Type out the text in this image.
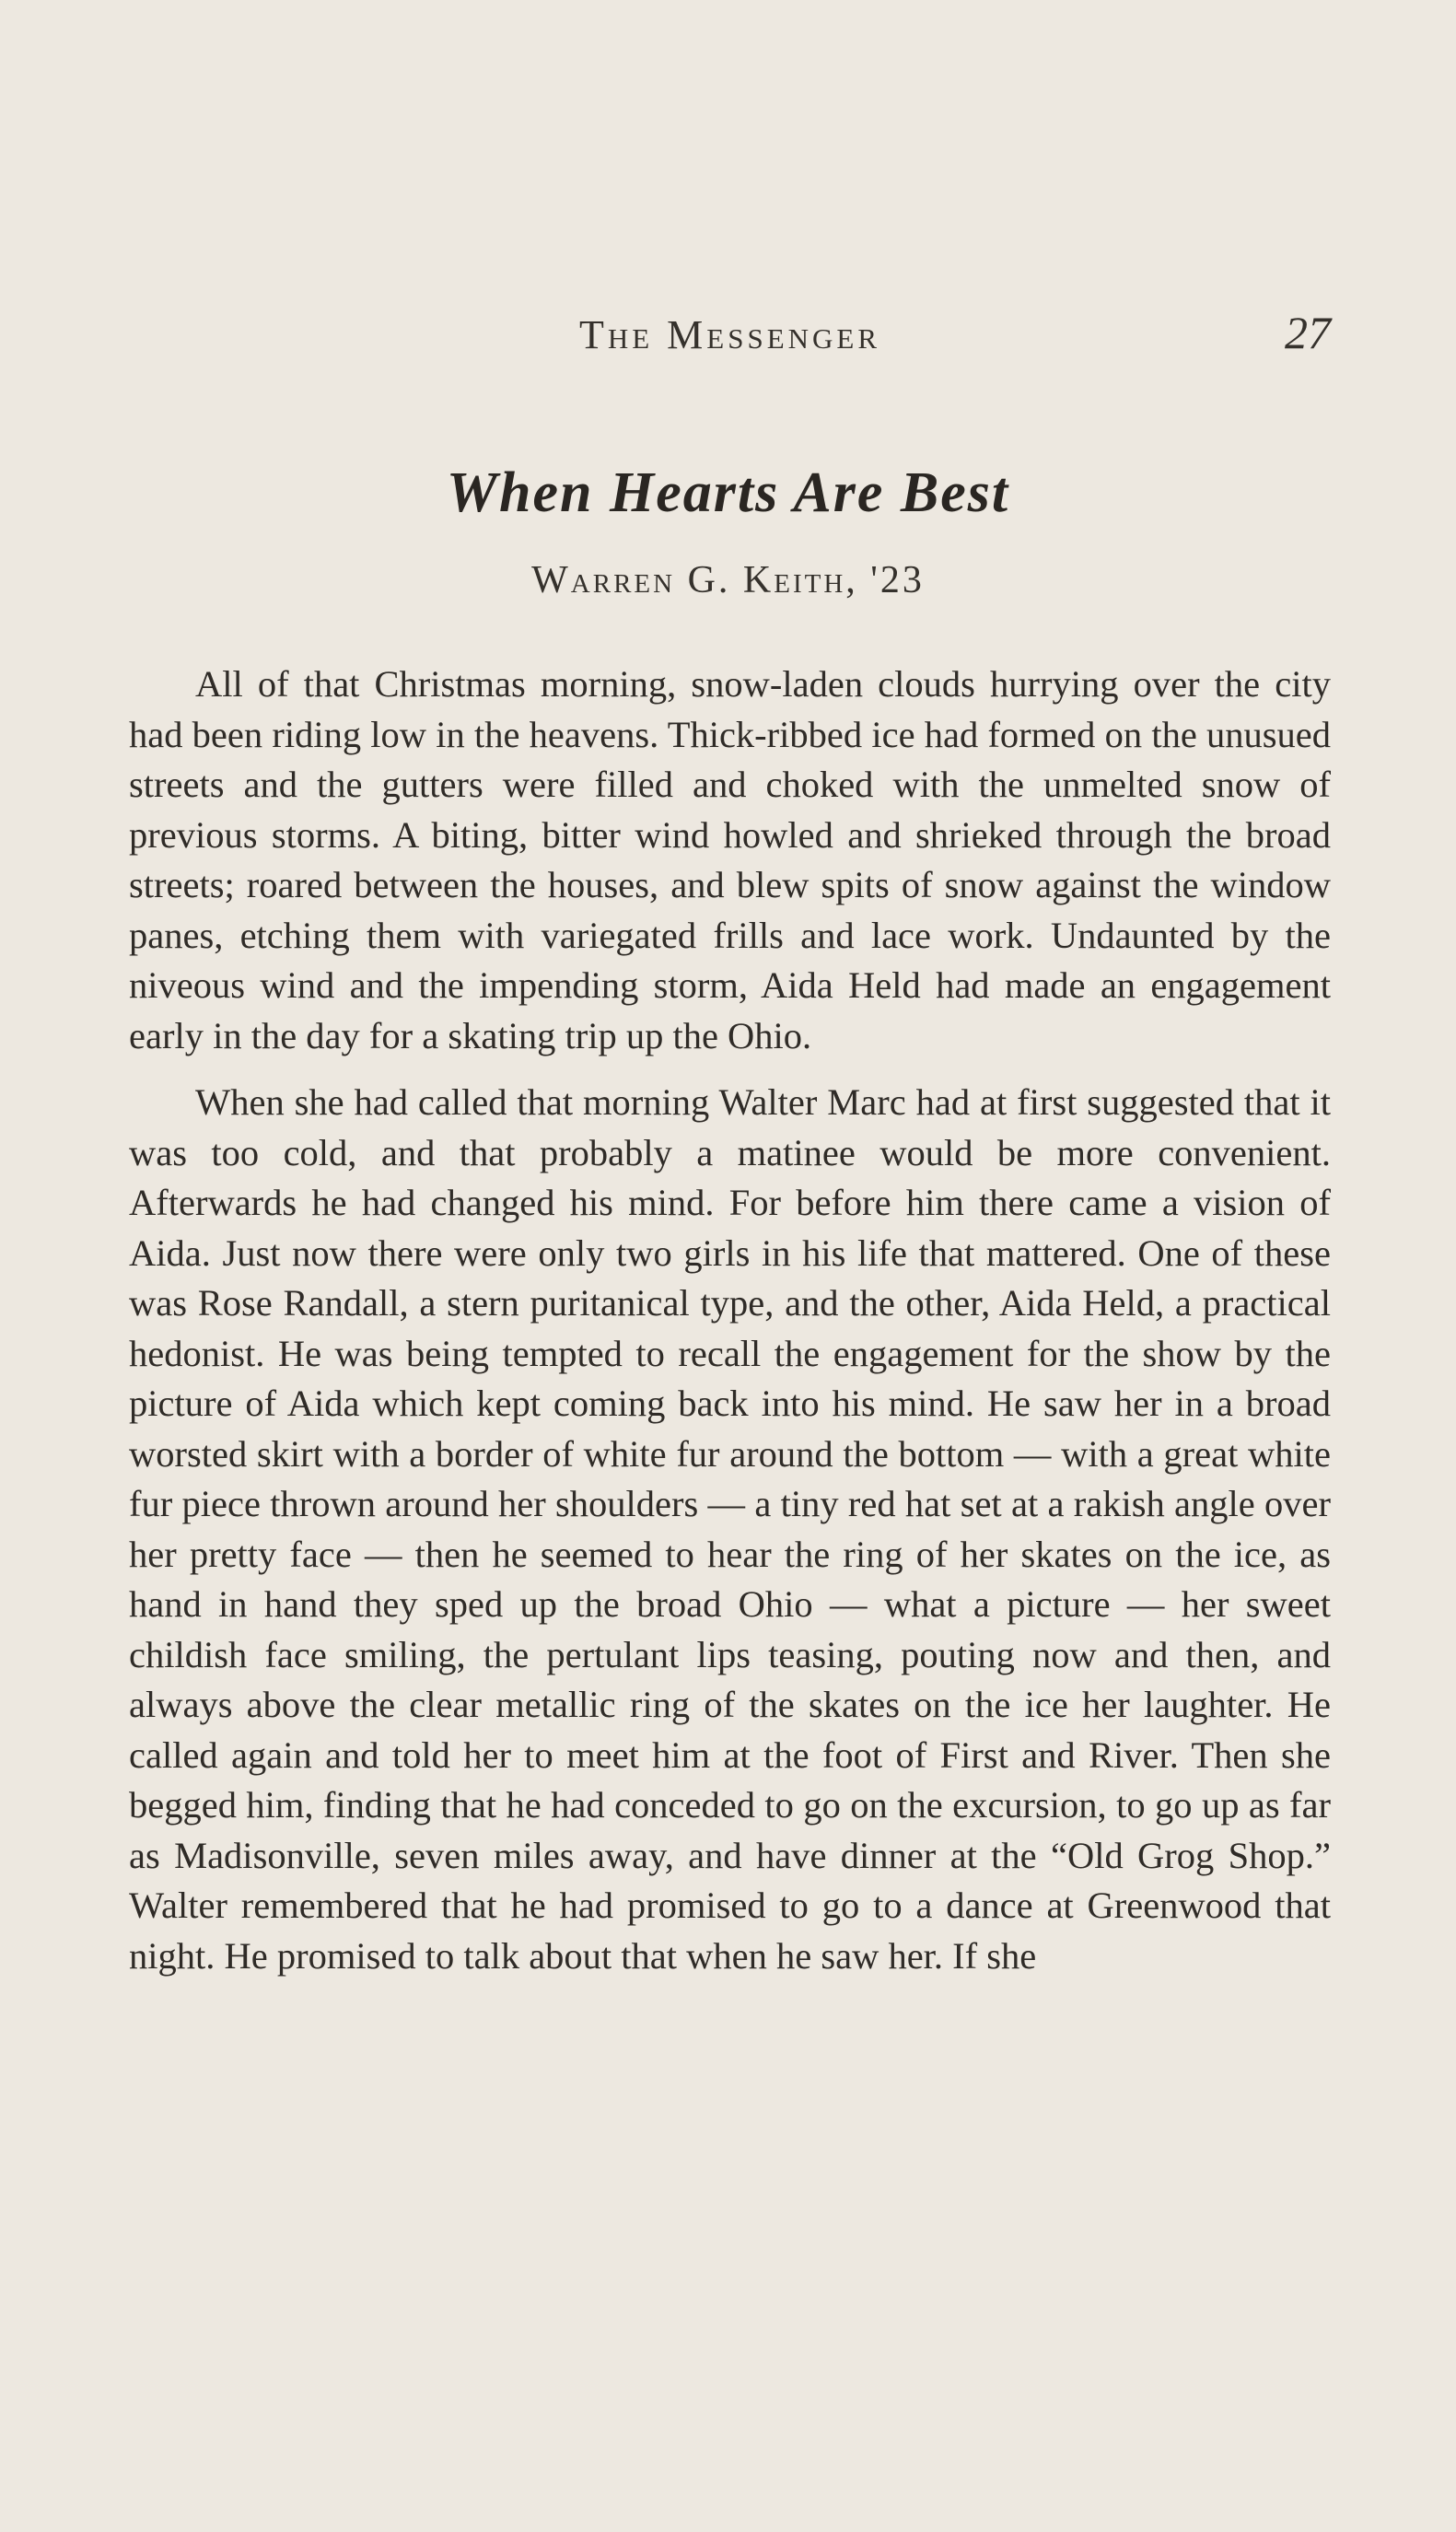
The Messenger	27
When Hearts Are Best
Warren G. Keith, '23

All of that Christmas morning, snow-laden clouds hurrying over the city had been riding low in the heavens. Thick-ribbed ice had formed on the unusued streets and the gutters were filled and choked with the unmelted snow of previous storms. A biting, bitter wind howled and shrieked through the broad streets; roared between the houses, and blew spits of snow against the window panes, etching them with variegated frills and lace work. Undaunted by the niveous wind and the impending storm, Aida Held had made an engagement early in the day for a skating trip up the Ohio.

When she had called that morning Walter Marc had at first suggested that it was too cold, and that probably a matinee would be more convenient. Afterwards he had changed his mind. For before him there came a vision of Aida. Just now there were only two girls in his life that mattered. One of these was Rose Randall, a stern puritanical type, and the other, Aida Held, a practical hedonist. He was being tempted to recall the engagement for the show by the picture of Aida which kept coming back into his mind. He saw her in a broad worsted skirt with a border of white fur around the bottom — with a great white fur piece thrown around her shoulders — a tiny red hat set at a rakish angle over her pretty face — then he seemed to hear the ring of her skates on the ice, as hand in hand they sped up the broad Ohio — what a picture — her sweet childish face smiling, the pertulant lips teasing, pouting now and then, and always above the clear metallic ring of the skates on the ice her laughter. He called again and told her to meet him at the foot of First and River. Then she begged him, finding that he had conceded to go on the excursion, to go up as far as Madisonville, seven miles away, and have dinner at the “Old Grog Shop.” Walter remembered that he had promised to go to a dance at Greenwood that night. He promised to talk about that when he saw her. If she
